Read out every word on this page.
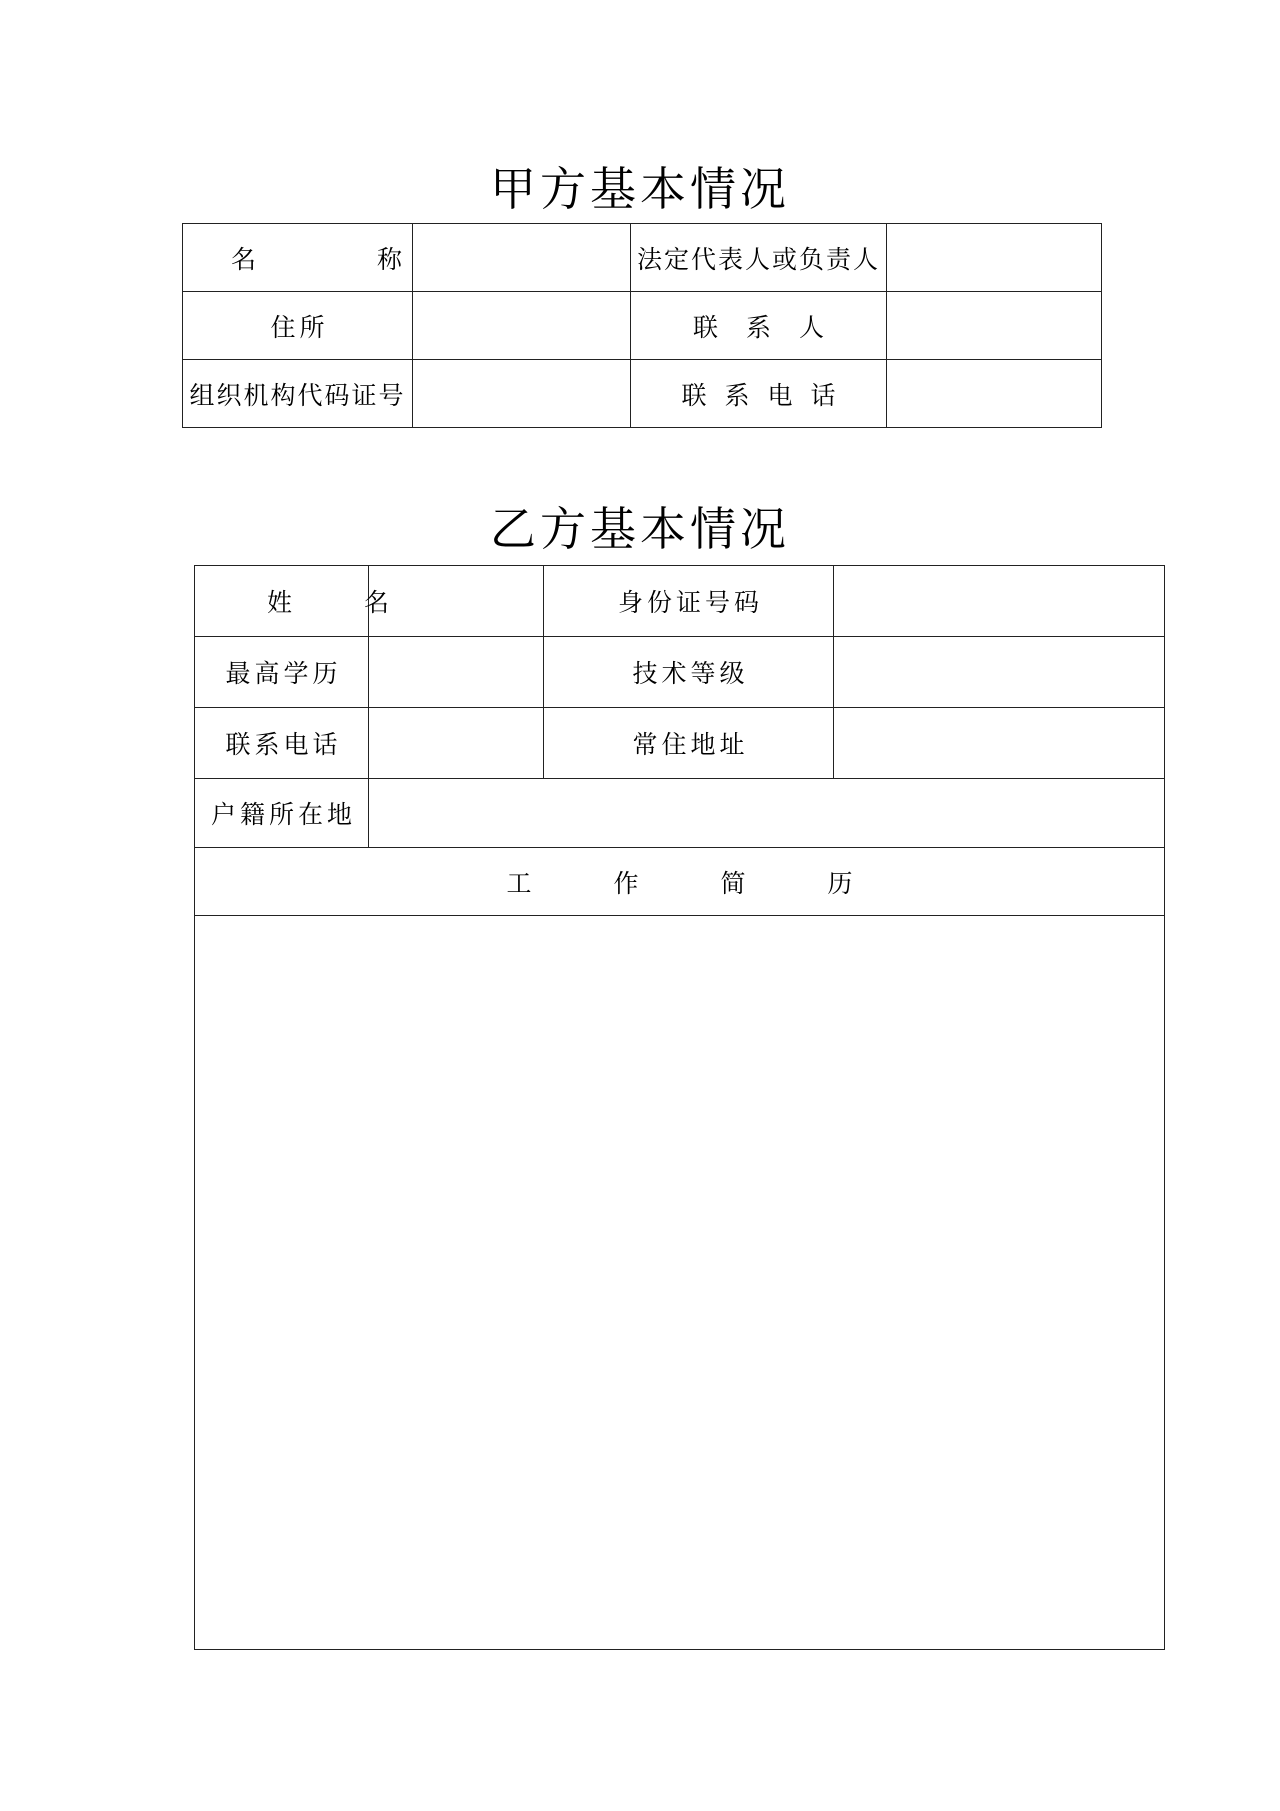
甲方基本情况
名　称		法定代表人或负责人	
住所		联系人	
组织机构代码证号		联系电话	
乙方基本情况
姓名		身份证号码	
最高学历		技术等级	
联系电话		常住地址	
户籍所在地			
工作简历			
